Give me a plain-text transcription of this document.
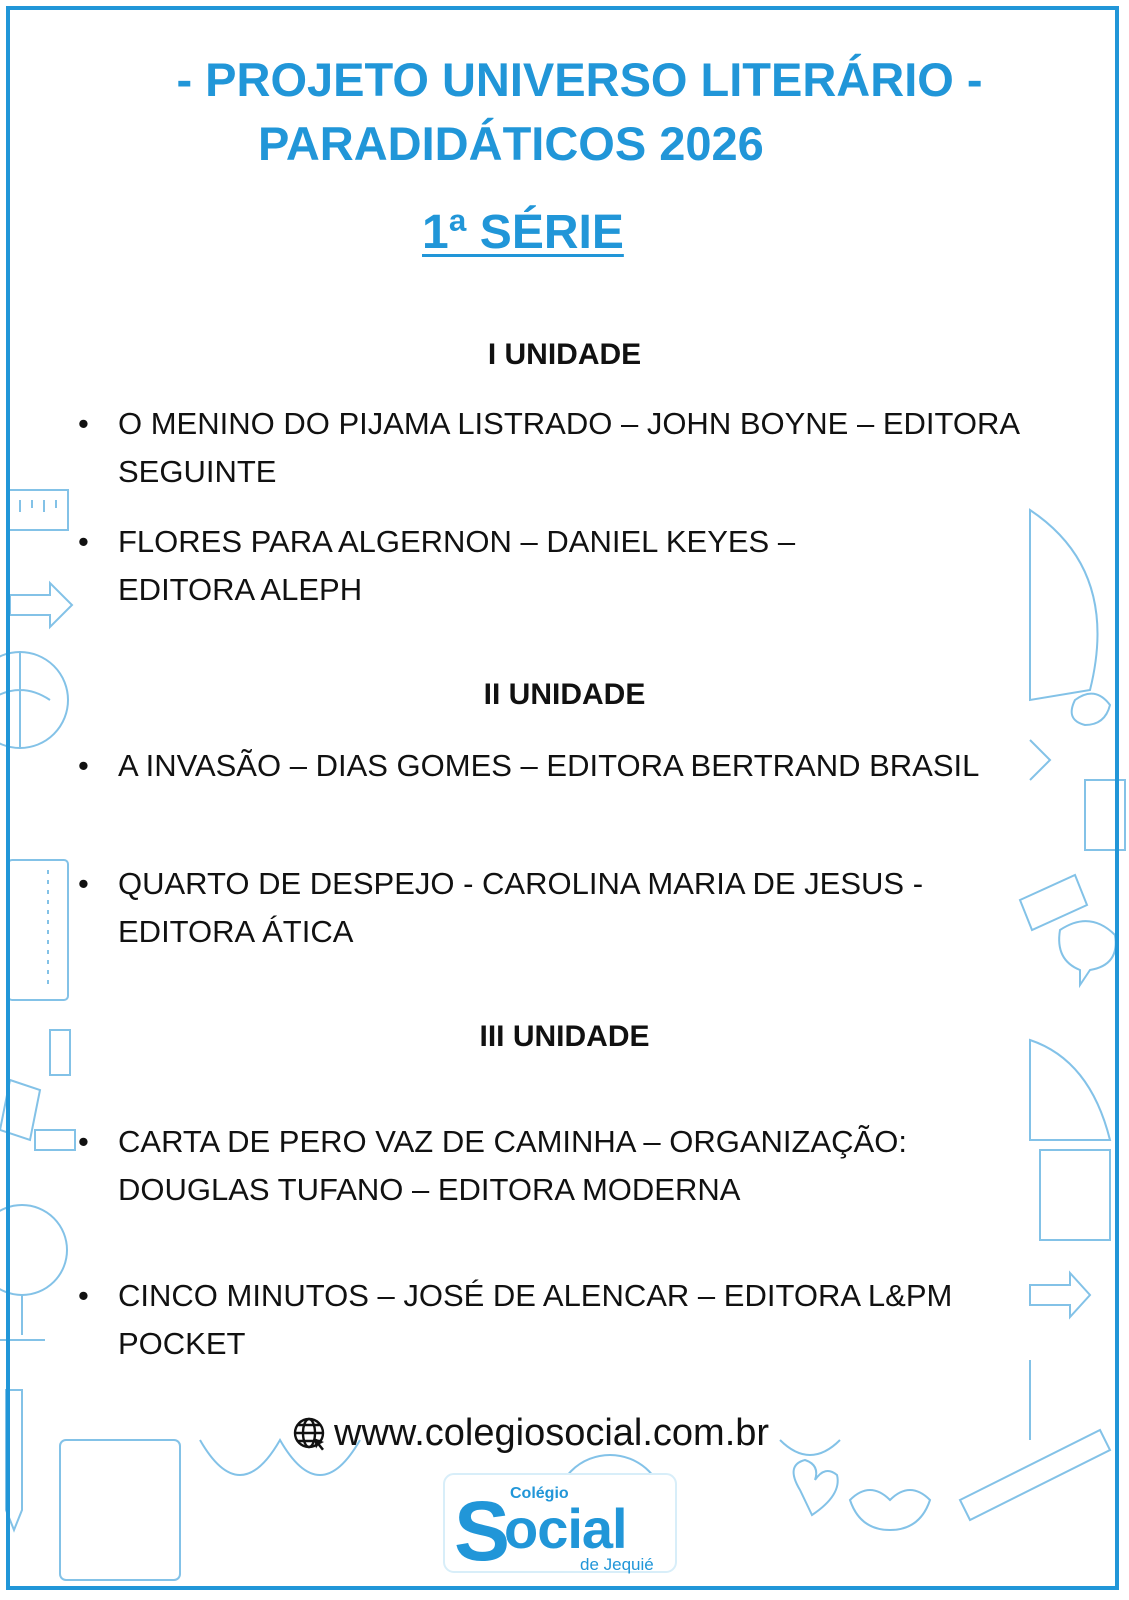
- PROJETO UNIVERSO LITERÁRIO -
PARADIDÁTICOS 2026
1ª SÉRIE
I UNIDADE
• O MENINO DO PIJAMA LISTRADO – JOHN BOYNE – EDITORA SEGUINTE
• FLORES PARA ALGERNON – DANIEL KEYES – EDITORA ALEPH
II UNIDADE
• A INVASÃO – DIAS GOMES – EDITORA BERTRAND BRASIL
• QUARTO DE DESPEJO - CAROLINA MARIA DE JESUS - EDITORA ÁTICA
III UNIDADE
• CARTA DE PERO VAZ DE CAMINHA – ORGANIZAÇÃO: DOUGLAS TUFANO – EDITORA MODERNA
• CINCO MINUTOS – JOSÉ DE ALENCAR – EDITORA L&PM POCKET
www.colegiosocial.com.br
S Colégio
ocial
de Jequié
